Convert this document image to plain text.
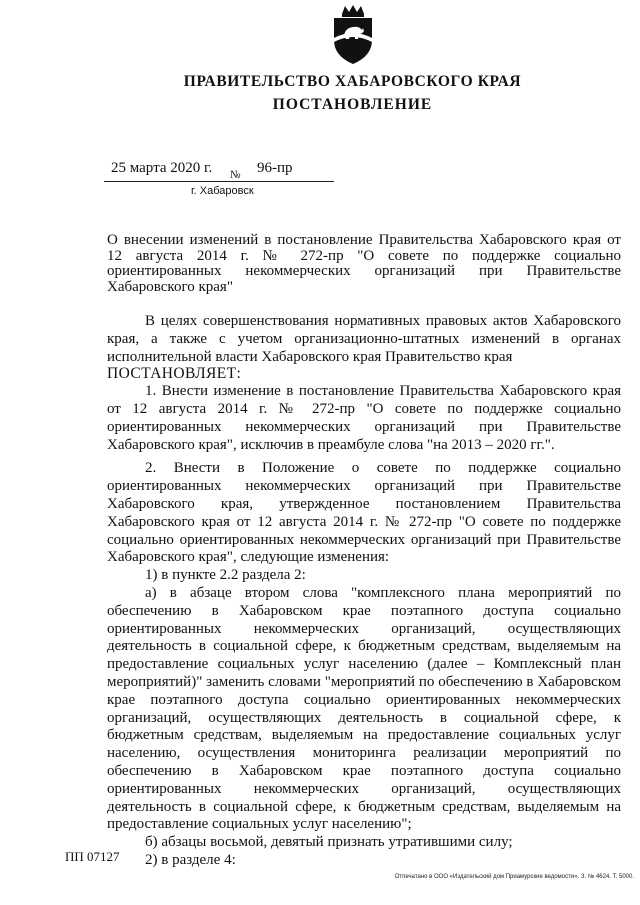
ПРАВИТЕЛЬСТВО ХАБАРОВСКОГО КРАЯ
ПОСТАНОВЛЕНИЕ
25 марта 2020 г. № 96-пр
г. Хабаровск
О внесении изменений в постановление Правительства Хабаровского края от 12 августа 2014 г. № 272-пр "О совете по поддержке социально ориентированных некоммерческих организаций при Правительстве Хабаровского края"

В целях совершенствования нормативных правовых актов Хабаровского края, а также с учетом организационно-штатных изменений в органах исполнительной власти Хабаровского края Правительство края

ПОСТАНОВЛЯЕТ:

1. Внести изменение в постановление Правительства Хабаровского края от 12 августа 2014 г. № 272-пр "О совете по поддержке социально ориентированных некоммерческих организаций при Правительстве Хабаровского края", исключив в преамбуле слова "на 2013 – 2020 гг.".

2. Внести в Положение о совете по поддержке социально ориентированных некоммерческих организаций при Правительстве Хабаровского края, утвержденное постановлением Правительства Хабаровского края от 12 августа 2014 г. № 272-пр "О совете по поддержке социально ориентированных некоммерческих организаций при Правительстве Хабаровского края", следующие изменения:

1) в пункте 2.2 раздела 2:

а) в абзаце втором слова "комплексного плана мероприятий по обеспечению в Хабаровском крае поэтапного доступа социально ориентированных некоммерческих организаций, осуществляющих деятельность в социальной сфере, к бюджетным средствам, выделяемым на предоставление социальных услуг населению (далее – Комплексный план мероприятий)" заменить словами "мероприятий по обеспечению в Хабаровском крае поэтапного доступа социально ориентированных некоммерческих организаций, осуществляющих деятельность в социальной сфере, к бюджетным средствам, выделяемым на предоставление социальных услуг населению, осуществления мониторинга реализации мероприятий по обеспечению в Хабаровском крае поэтапного доступа социально ориентированных некоммерческих организаций, осуществляющих деятельность в социальной сфере, к бюджетным средствам, выделяемым на предоставление социальных услуг населению";

б) абзацы восьмой, девятый признать утратившими силу;

2) в разделе 4:

ПП 07127
Отпечатано в ООО «Издательский дом Приамурские ведомости». З. № 4624. Т. 5000.
